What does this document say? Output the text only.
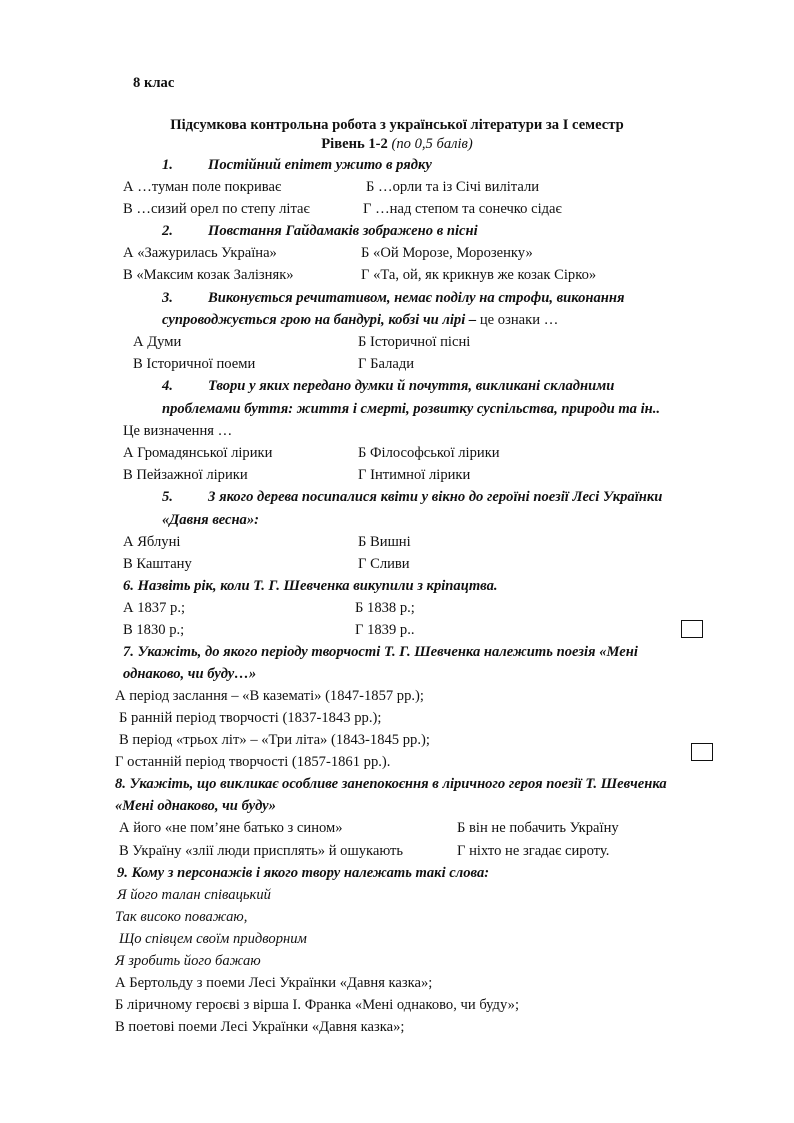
8 клас
Підсумкова контрольна робота з української літератури за І семестр
Рівень 1-2 (по 0,5 балів)
1. Постійний епітет ужито в рядку
А …туман поле покриває	Б …орли та із Січі вилітали
В …сизий орел по степу літає	Г …над степом та сонечко сідає
2. Повстання Гайдамаків зображено в пісні
А «Зажурилась Україна»	Б «Ой Морозе, Морозенку»
В «Максим козак Залізняк»	Г «Та, ой, як крикнув же козак Сірко»
3. Виконується речитативом, немає поділу на строфи, виконання
супроводжується грою на бандурі, кобзі чи лірі – це ознаки …
А Думи	Б Історичної пісні
В Історичної поеми	Г Балади
4. Твори у яких передано думки й почуття, викликані складними
проблемами буття: життя і смерті, розвитку суспільства, природи та ін..
Це визначення …
А Громадянської лірики	Б Філософської лірики
В Пейзажної лірики	Г Інтимної лірики
5. З якого дерева посипалися квіти у вікно до героїні поезії Лесі Українки
«Давня весна»:
А Яблуні	Б Вишні
В Каштану	Г Сливи
6. Назвіть рік, коли Т. Г. Шевченка викупили з кріпацтва.
А 1837 р.;	Б 1838 р.;
В 1830 р.;	Г 1839 р..
7. Укажіть, до якого періоду творчості Т. Г. Шевченка належить поезія «Мені
однаково, чи буду…»
А період заслання – «В казематі» (1847-1857 рр.);
Б ранній період творчості (1837-1843 рр.);
В період «трьох літ» – «Три літа» (1843-1845 рр.);
Г останній період творчості (1857-1861 рр.).
8. Укажіть, що викликає особливе занепокоєння в ліричного героя поезії Т. Шевченка
«Мені однаково, чи буду»
А його «не пом’яне батько з сином»	Б він не побачить Україну
В Україну «злії люди присплять» й ошукають	Г ніхто не згадає сироту.
9. Кому з персонажів і якого твору належать такі слова:
Я його талан співацький
Так високо поважаю,
Що співцем своїм придворним
Я зробить його бажаю
А Бертольду з поеми Лесі Українки «Давня казка»;
Б ліричному героєві з вірша І. Франка «Мені однаково, чи буду»;
В поетові поеми Лесі Українки «Давня казка»;
